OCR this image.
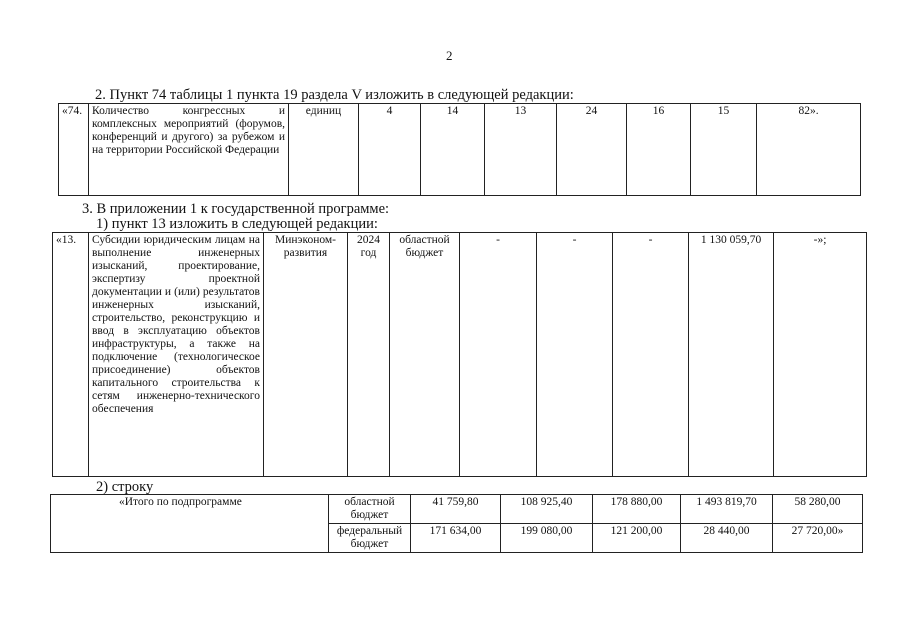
2
2. Пункт 74 таблицы 1 пункта 19 раздела V изложить в следующей редакции:
«74.	Количество конгрессных и комплексных мероприятий (форумов, конференций и другого) за рубежом и на территории Российской Федерации	единиц	4	14	13	24	16	15	82».
3. В приложении 1 к государственной программе:
1) пункт 13 изложить в следующей редакции:
«13.	Субсидии юридическим лицам на выполнение инженерных изысканий, проектирование, экспертизу проектной документации и (или) результатов инженерных изысканий, строительство, реконструкцию и ввод в эксплуатацию объектов инфраструктуры, а также на подключение (технологическое присоединение) объектов капитального строительства к сетям инженерно-технического обеспечения	Минэконом-развития	2024 год	областной бюджет	-	-	-	1 130 059,70	-»;
2) строку
«Итого по подпрограмме	областной бюджет	41 759,80	108 925,40	178 880,00	1 493 819,70	58 280,00
	федеральный бюджет	171 634,00	199 080,00	121 200,00	28 440,00	27 720,00»
